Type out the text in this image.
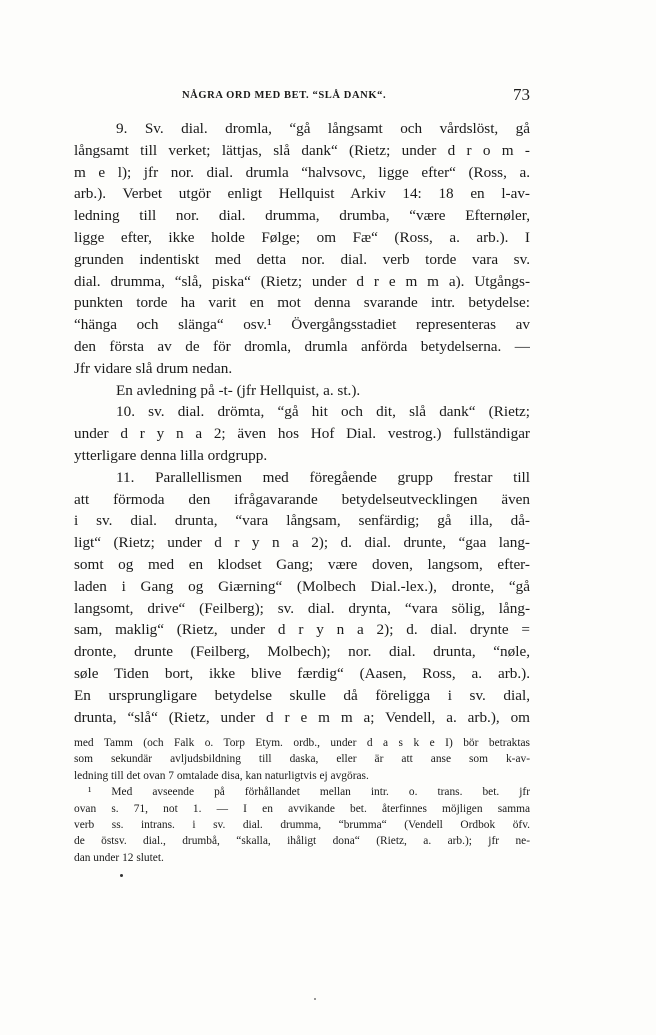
NÅGRA ORD MED BET. “SLÅ DANK“.	73
9. Sv. dial. dromla, “gå långsamt och vårdslöst, gå
långsamt till verket; lättjas, slå dank“ (Rietz; under d r o m -
m e l); jfr nor. dial. drumla “halvsovc, ligge efter“ (Ross, a.
arb.). Verbet utgör enligt Hellquist Arkiv 14: 18 en l-av-
ledning till nor. dial. drumma, drumba, “være Efternøler,
ligge efter, ikke holde Følge; om Fæ“ (Ross, a. arb.). I
grunden indentiskt med detta nor. dial. verb torde vara sv.
dial. drumma, “slå, piska“ (Rietz; under d r e m m a). Utgångs-
punkten torde ha varit en mot denna svarande intr. betydelse:
“hänga och slänga“ osv.¹ Övergångsstadiet representeras av
den första av de för dromla, drumla anförda betydelserna. —
Jfr vidare slå drum nedan.
En avledning på -t- (jfr Hellquist, a. st.).
10. sv. dial. drömta, “gå hit och dit, slå dank“ (Rietz;
under d r y n a 2; även hos Hof Dial. vestrog.) fullständigar
ytterligare denna lilla ordgrupp.
11. Parallellismen med föregående grupp frestar till
att förmoda den ifrågavarande betydelseutvecklingen även
i sv. dial. drunta, “vara långsam, senfärdig; gå illa, då-
ligt“ (Rietz; under d r y n a 2); d. dial. drunte, “gaa lang-
somt og med en klodset Gang; være doven, langsom, efter-
laden i Gang og Giærning“ (Molbech Dial.-lex.), dronte, “gå
langsomt, drive“ (Feilberg); sv. dial. drynta, “vara sölig, lång-
sam, maklig“ (Rietz, under d r y n a 2); d. dial. drynte =
dronte, drunte (Feilberg, Molbech); nor. dial. drunta, “nøle,
søle Tiden bort, ikke blive færdig“ (Aasen, Ross, a. arb.).
En ursprungligare betydelse skulle då föreligga i sv. dial,
drunta, “slå“ (Rietz, under d r e m m a; Vendell, a. arb.), om
med Tamm (och Falk o. Torp Etym. ordb., under d a s k e I) bör betraktas
som sekundär avljudsbildning till daska, eller är att anse som k-av-
ledning till det ovan 7 omtalade disa, kan naturligtvis ej avgöras.
¹ Med avseende på förhållandet mellan intr. o. trans. bet. jfr
ovan s. 71, not 1. — I en avvikande bet. återfinnes möjligen samma
verb ss. intrans. i sv. dial. drumma, “brumma“ (Vendell Ordbok öfv.
de östsv. dial., drumbå, “skalla, ihåligt dona“ (Rietz, a. arb.); jfr ne-
dan under 12 slutet.
